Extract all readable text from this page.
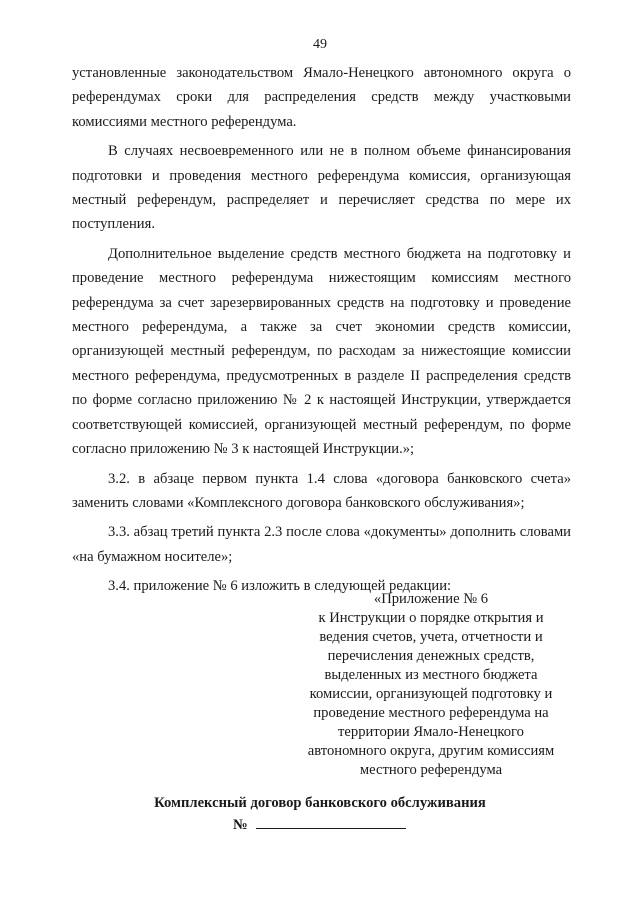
49

установленные законодательством Ямало-Ненецкого автономного округа о референдумах сроки для распределения средств между участковыми комиссиями местного референдума.

В случаях несвоевременного или не в полном объеме финансирования подготовки и проведения местного референдума комиссия, организующая местный референдум, распределяет и перечисляет средства по мере их поступления.

Дополнительное выделение средств местного бюджета на подготовку и проведение местного референдума нижестоящим комиссиям местного референдума за счет зарезервированных средств на подготовку и проведение местного референдума, а также за счет экономии средств комиссии, организующей местный референдум, по расходам за нижестоящие комиссии местного референдума, предусмотренных в разделе II распределения средств по форме согласно приложению № 2 к настоящей Инструкции, утверждается соответствующей комиссией, организующей местный референдум, по форме согласно приложению № 3 к настоящей Инструкции.»;

3.2. в абзаце первом пункта 1.4 слова «договора банковского счета» заменить словами «Комплексного договора банковского обслуживания»;

3.3. абзац третий пункта 2.3 после слова «документы» дополнить словами «на бумажном носителе»;

3.4. приложение № 6 изложить в следующей редакции:

«Приложение № 6
к Инструкции о порядке открытия и
ведения счетов, учета, отчетности и
перечисления денежных средств,
выделенных из местного бюджета
комиссии, организующей подготовку и
проведение местного референдума на
территории Ямало-Ненецкого
автономного округа, другим комиссиям
местного референдума
Комплексный договор банковского обслуживания
№
